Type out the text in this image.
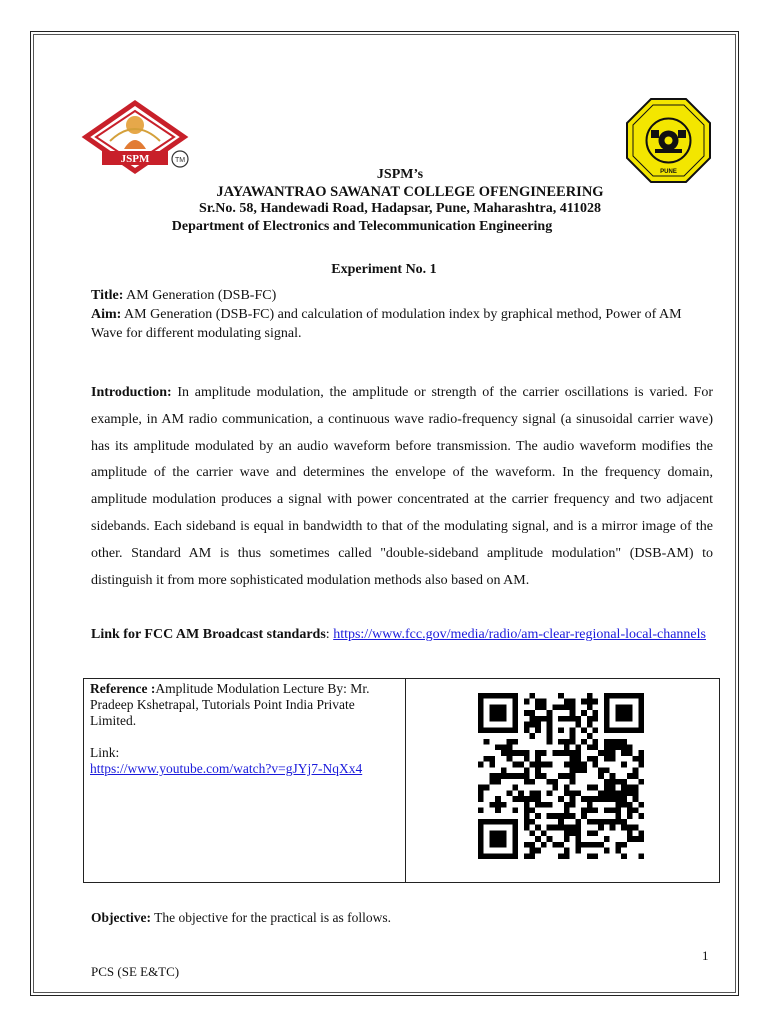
JSPM	TM
PUNE
JSPM’s
JAYAWANTRAO SAWANAT COLLEGE OFENGINEERING
Sr.No. 58, Handewadi Road, Hadapsar, Pune, Maharashtra, 411028
Department of Electronics and Telecommunication Engineering
Experiment No. 1
Title: AM Generation (DSB-FC)
Aim: AM Generation (DSB-FC) and calculation of modulation index by graphical method, Power of AM Wave for different modulating signal.
Introduction: In amplitude modulation, the amplitude or strength of the carrier oscillations is varied. For example, in AM radio communication, a continuous wave radio-frequency signal (a sinusoidal carrier wave) has its amplitude modulated by an audio waveform before transmission. The audio waveform modifies the amplitude of the carrier wave and determines the envelope of the waveform. In the frequency domain, amplitude modulation produces a signal with power concentrated at the carrier frequency and two adjacent sidebands. Each sideband is equal in bandwidth to that of the modulating signal, and is a mirror image of the other. Standard AM is thus sometimes called "double-sideband amplitude modulation" (DSB-AM) to distinguish it from more sophisticated modulation methods also based on AM.
Link for FCC AM Broadcast standards: https://www.fcc.gov/media/radio/am-clear-regional-local-channels
Reference :Amplitude Modulation Lecture By: Mr. Pradeep Kshetrapal, Tutorials Point India Private Limited.
Link:
https://www.youtube.com/watch?v=gJYj7-NqXx4
Objective: The objective for the practical is as follows.
1
PCS (SE E&TC)
